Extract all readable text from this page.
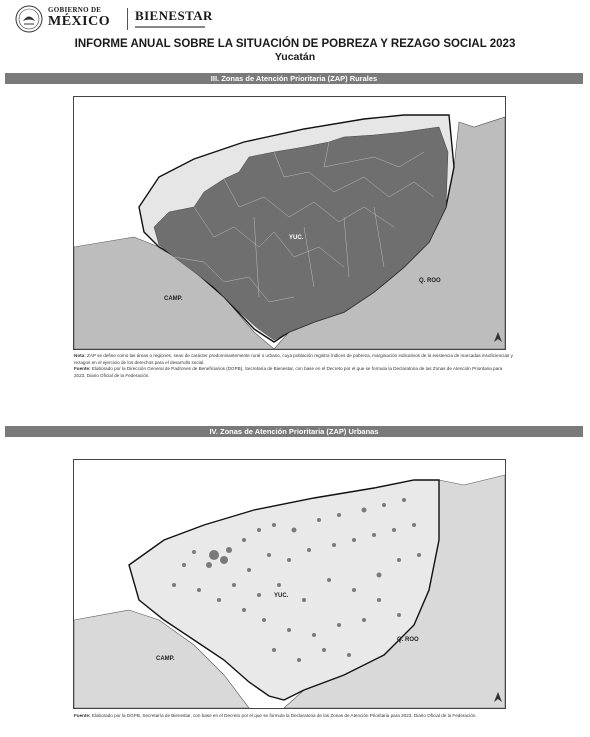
GOBIERNO DE
MÉXICO BIENESTAR
INFORME ANUAL SOBRE LA SITUACIÓN DE POBREZA Y REZAGO SOCIAL 2023
Yucatán
III. Zonas de Atención Prioritaria (ZAP) Rurales
YUC.
CAMP.
Q. ROO
Nota: ZAP se define como las áreas o regiones, sean de carácter predominantemente rural o urbano, cuya población registra índices de pobreza, marginación indicativos de la existencia de marcadas insuficiencias y rezagos en el ejercicio de los derechos para el desarrollo social.
Fuente: Elaborado por la Dirección General de Padrones de Beneficiarios (DGPB), Secretaría de Bienestar, con base en el Decreto por el que se formula la Declaratoria de las Zonas de Atención Prioritaria para 2023, Diario Oficial de la Federación.
IV. Zonas de Atención Prioritaria (ZAP) Urbanas
YUC.
CAMP.
Q. ROO
Fuente: Elaborado por la DGPB, Secretaría de Bienestar, con base en el Decreto por el que se formula la Declaratoria de las Zonas de Atención Prioritaria para 2023. Diario Oficial de la Federación.
